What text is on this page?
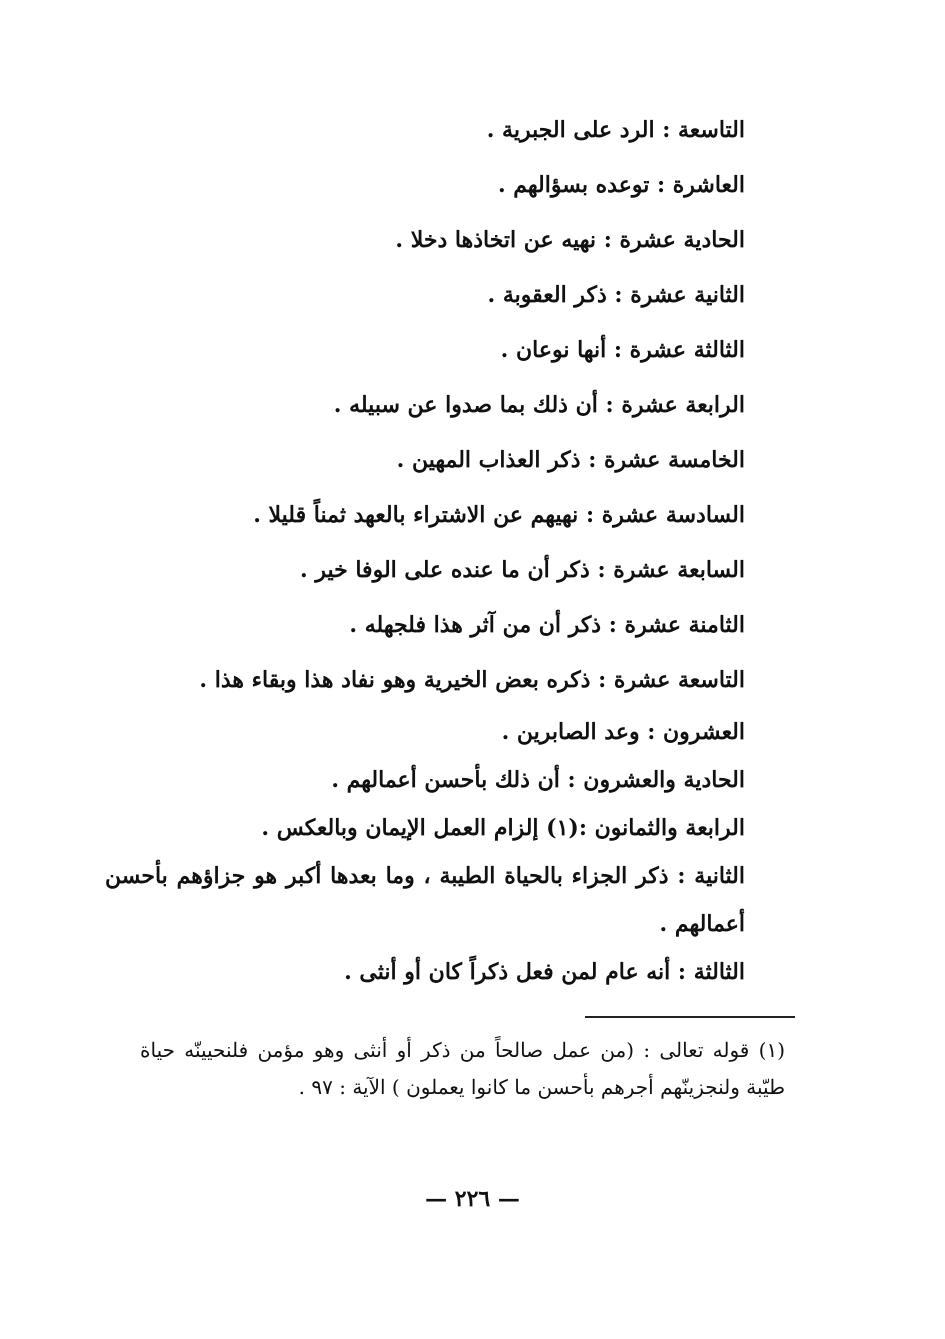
التاسعة : الرد على الجبرية .
العاشرة : توعده بسؤالهم .
الحادية عشرة : نهيه عن اتخاذها دخلا .
الثانية عشرة : ذكر العقوبة .
الثالثة عشرة : أنها نوعان .
الرابعة عشرة : أن ذلك بما صدوا عن سبيله .
الخامسة عشرة : ذكر العذاب المهين .
السادسة عشرة : نهيهم عن الاشتراء بالعهد ثمناً قليلا .
السابعة عشرة : ذكر أن ما عنده على الوفا خير .
الثامنة عشرة : ذكر أن من آثر هذا فلجهله .
التاسعة عشرة : ذكره بعض الخيرية وهو نفاد هذا وبقاء هذا .
العشرون : وعد الصابرين .
الحادية والعشرون : أن ذلك بأحسن أعمالهم .
الرابعة والثمانون :(١) إلزام العمل الإيمان وبالعكس .
الثانية : ذكر الجزاء بالحياة الطيبة ، وما بعدها أكبر هو جزاؤهم بأحسن أعمالهم .
الثالثة : أنه عام لمن فعل ذكراً كان أو أنثى .
(١) قوله تعالى : (من عمل صالحاً من ذكر أو أنثى وهو مؤمن فلنحيينّه حياة طيّبة ولنجزينّهم أجرهم بأحسن ما كانوا يعملون ) الآية : ٩٧ .
— ٢٢٦ —
